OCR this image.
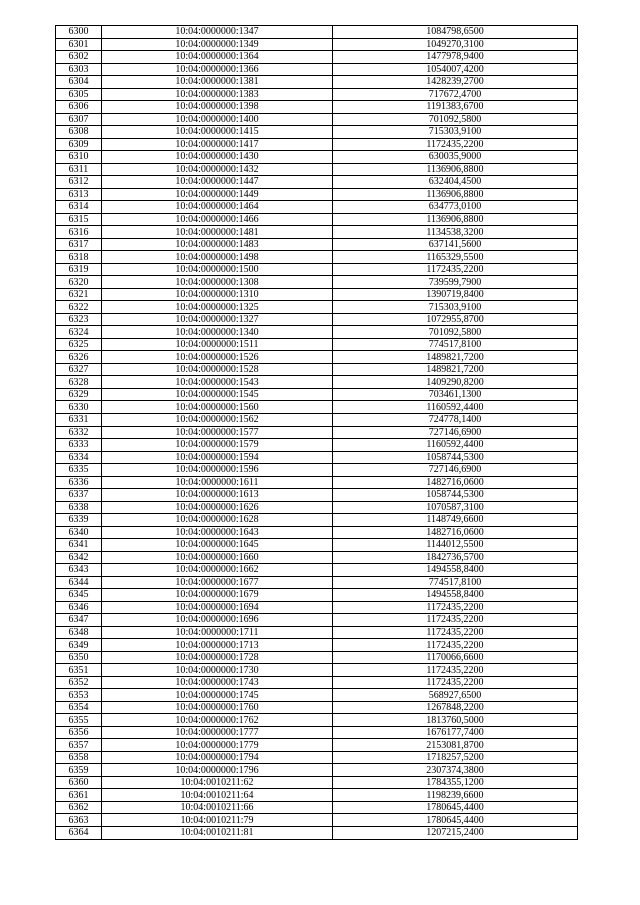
6300	10:04:0000000:1347	1084798,6500
6301	10:04:0000000:1349	1049270,3100
6302	10:04:0000000:1364	1477978,9400
6303	10:04:0000000:1366	1054007,4200
6304	10:04:0000000:1381	1428239,2700
6305	10:04:0000000:1383	717672,4700
6306	10:04:0000000:1398	1191383,6700
6307	10:04:0000000:1400	701092,5800
6308	10:04:0000000:1415	715303,9100
6309	10:04:0000000:1417	1172435,2200
6310	10:04:0000000:1430	630035,9000
6311	10:04:0000000:1432	1136906,8800
6312	10:04:0000000:1447	632404,4500
6313	10:04:0000000:1449	1136906,8800
6314	10:04:0000000:1464	634773,0100
6315	10:04:0000000:1466	1136906,8800
6316	10:04:0000000:1481	1134538,3200
6317	10:04:0000000:1483	637141,5600
6318	10:04:0000000:1498	1165329,5500
6319	10:04:0000000:1500	1172435,2200
6320	10:04:0000000:1308	739599,7900
6321	10:04:0000000:1310	1390719,8400
6322	10:04:0000000:1325	715303,9100
6323	10:04:0000000:1327	1072955,8700
6324	10:04:0000000:1340	701092,5800
6325	10:04:0000000:1511	774517,8100
6326	10:04:0000000:1526	1489821,7200
6327	10:04:0000000:1528	1489821,7200
6328	10:04:0000000:1543	1409290,8200
6329	10:04:0000000:1545	703461,1300
6330	10:04:0000000:1560	1160592,4400
6331	10:04:0000000:1562	724778,1400
6332	10:04:0000000:1577	727146,6900
6333	10:04:0000000:1579	1160592,4400
6334	10:04:0000000:1594	1058744,5300
6335	10:04:0000000:1596	727146,6900
6336	10:04:0000000:1611	1482716,0600
6337	10:04:0000000:1613	1058744,5300
6338	10:04:0000000:1626	1070587,3100
6339	10:04:0000000:1628	1148749,6600
6340	10:04:0000000:1643	1482716,0600
6341	10:04:0000000:1645	1144012,5500
6342	10:04:0000000:1660	1842736,5700
6343	10:04:0000000:1662	1494558,8400
6344	10:04:0000000:1677	774517,8100
6345	10:04:0000000:1679	1494558,8400
6346	10:04:0000000:1694	1172435,2200
6347	10:04:0000000:1696	1172435,2200
6348	10:04:0000000:1711	1172435,2200
6349	10:04:0000000:1713	1172435,2200
6350	10:04:0000000:1728	1170066,6600
6351	10:04:0000000:1730	1172435,2200
6352	10:04:0000000:1743	1172435,2200
6353	10:04:0000000:1745	568927,6500
6354	10:04:0000000:1760	1267848,2200
6355	10:04:0000000:1762	1813760,5000
6356	10:04:0000000:1777	1676177,7400
6357	10:04:0000000:1779	2153081,8700
6358	10:04:0000000:1794	1718257,5200
6359	10:04:0000000:1796	2307374,3800
6360	10:04:0010211:62	1784355,1200
6361	10:04:0010211:64	1198239,6600
6362	10:04:0010211:66	1780645,4400
6363	10:04:0010211:79	1780645,4400
6364	10:04:0010211:81	1207215,2400
